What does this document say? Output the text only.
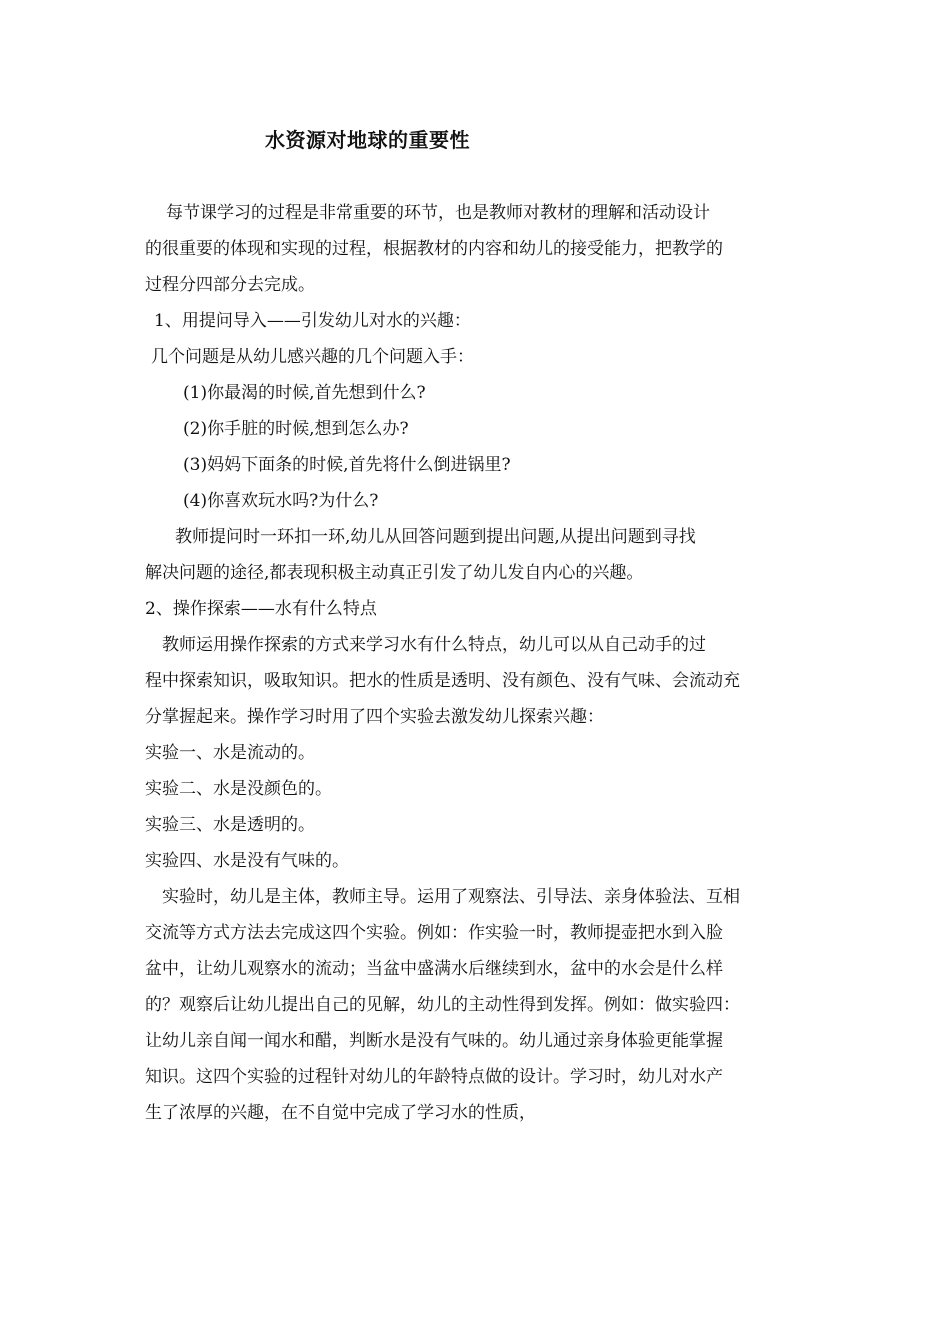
水资源对地球的重要性
每节课学习的过程是非常重要的环节，也是教师对教材的理解和活动设计
的很重要的体现和实现的过程，根据教材的内容和幼儿的接受能力，把教学的
过程分四部分去完成。
1、用提问导入——引发幼儿对水的兴趣：
几个问题是从幼儿感兴趣的几个问题入手：
(1)你最渴的时候,首先想到什么?
(2)你手脏的时候,想到怎么办?
(3)妈妈下面条的时候,首先将什么倒进锅里?
(4)你喜欢玩水吗?为什么?
教师提问时一环扣一环,幼儿从回答问题到提出问题,从提出问题到寻找
解决问题的途径,都表现积极主动真正引发了幼儿发自内心的兴趣。
2、操作探索——水有什么特点
教师运用操作探索的方式来学习水有什么特点，幼儿可以从自己动手的过
程中探索知识，吸取知识。把水的性质是透明、没有颜色、没有气味、会流动充
分掌握起来。操作学习时用了四个实验去激发幼儿探索兴趣：
实验一、水是流动的。
实验二、水是没颜色的。
实验三、水是透明的。
实验四、水是没有气味的。
实验时，幼儿是主体，教师主导。运用了观察法、引导法、亲身体验法、互相
交流等方式方法去完成这四个实验。例如：作实验一时，教师提壶把水到入脸
盆中，让幼儿观察水的流动；当盆中盛满水后继续到水，盆中的水会是什么样
的？观察后让幼儿提出自己的见解，幼儿的主动性得到发挥。例如：做实验四：
让幼儿亲自闻一闻水和醋，判断水是没有气味的。幼儿通过亲身体验更能掌握
知识。这四个实验的过程针对幼儿的年龄特点做的设计。学习时，幼儿对水产
生了浓厚的兴趣，在不自觉中完成了学习水的性质，
